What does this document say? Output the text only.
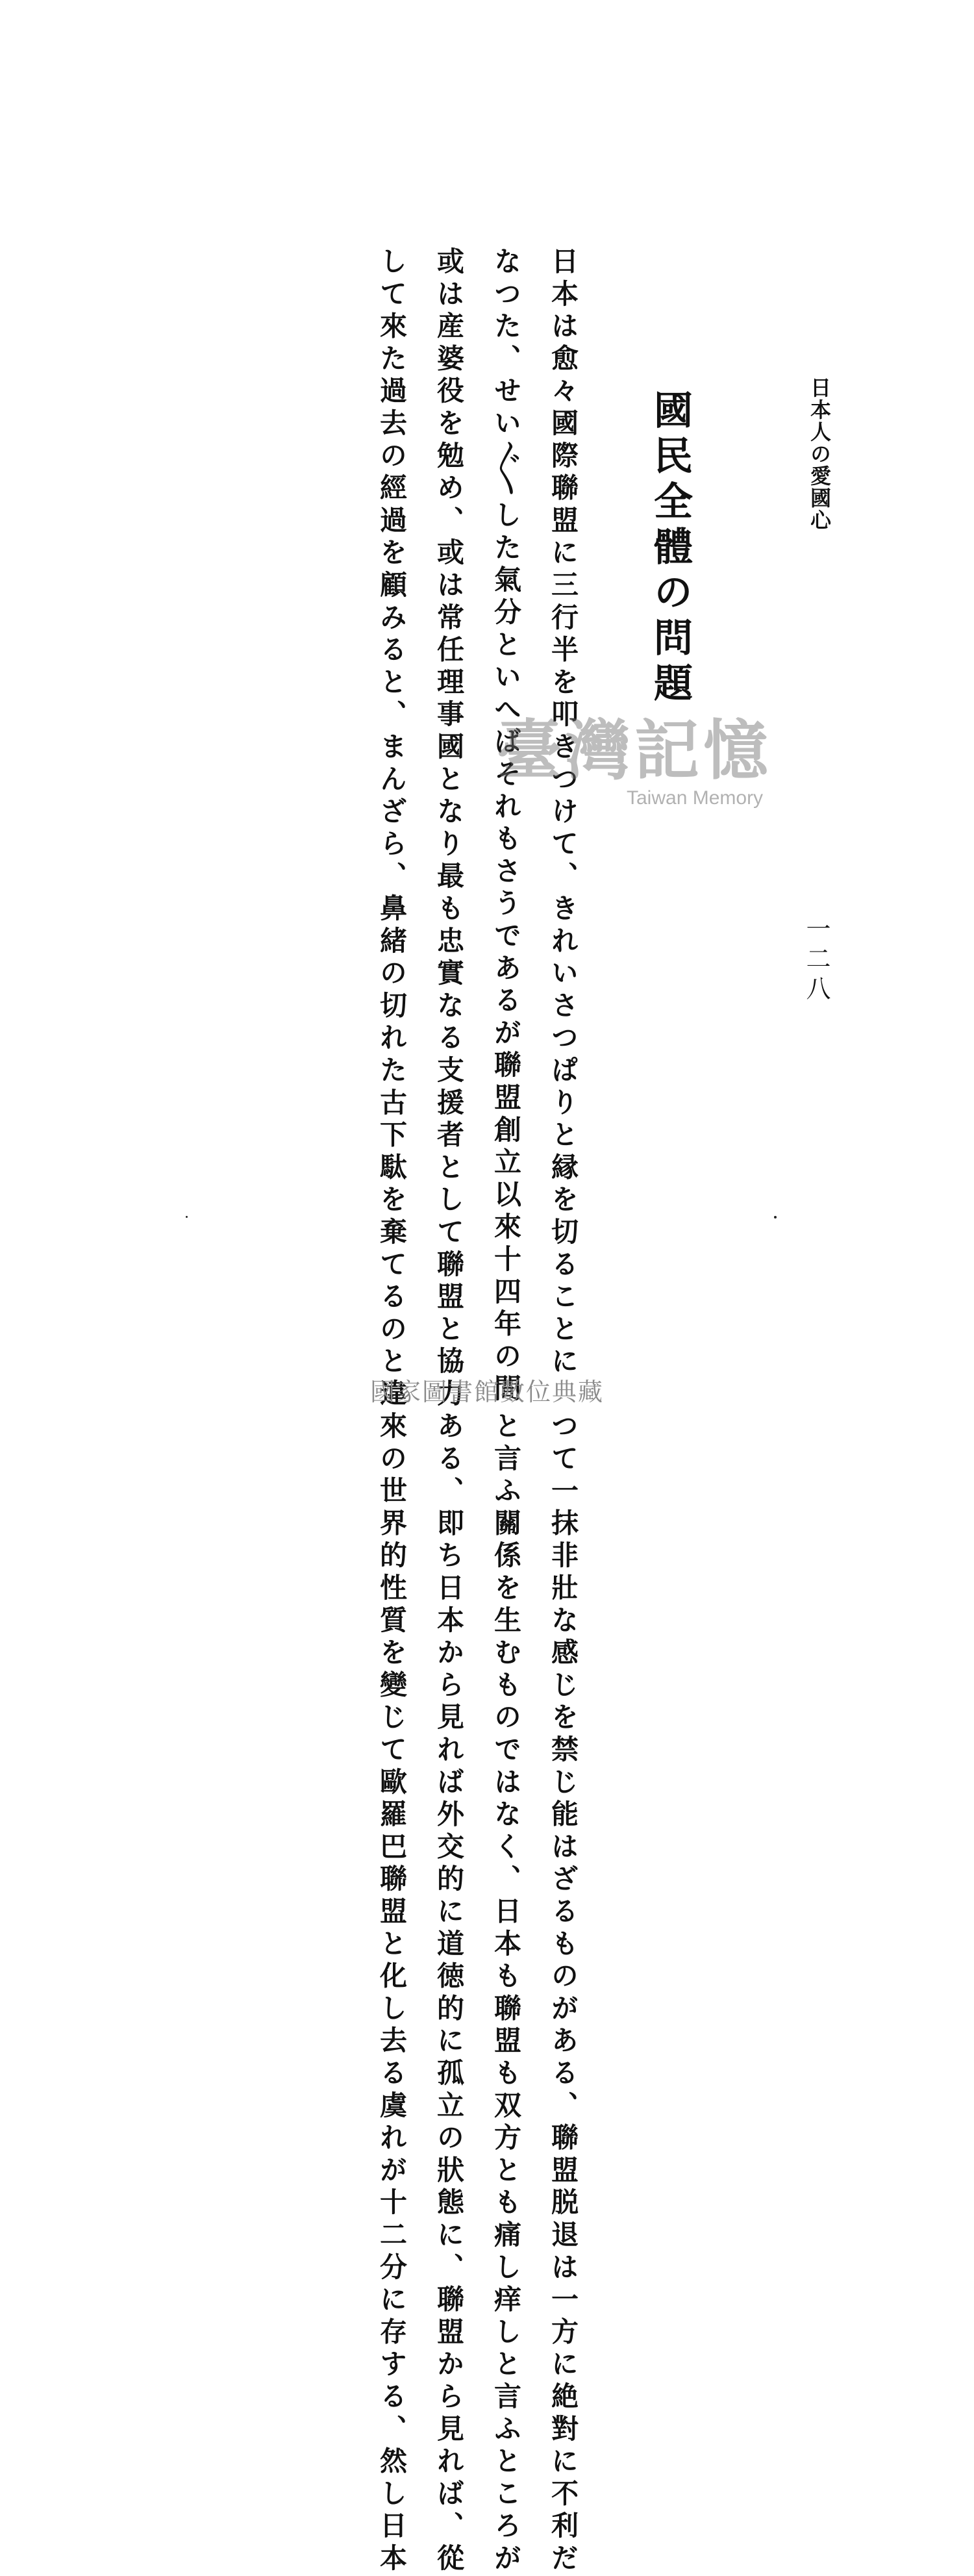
日本人の愛國心
一二八
國民全體の問題
日本は愈々國際聯盟に三行半を叩きつけて、きれいさつぱりと縁を切ることに
なつた、せい〲した氣分といへばそれもさうであるが聯盟創立以來十四年の間
或は産婆役を勉め、或は常任理事國となり最も忠實なる支援者として聯盟と協力
して來た過去の經過を顧みると、まんざら、鼻緒の切れた古下駄を棄てるのと違
つて一抹非壯な感じを禁じ能はざるものがある、聯盟脱退は一方に絶對に不利だ
と言ふ關係を生むものではなく、日本も聯盟も双方とも痛し痒しと言ふところが
ある、即ち日本から見れば外交的に道徳的に孤立の狀態に、聯盟から見れば、從
來の世界的性質を變じて歐羅巴聯盟と化し去る虞れが十二分に存する、然し日本
臺灣記憶
Taiwan Memory
國家圖書館數位典藏
